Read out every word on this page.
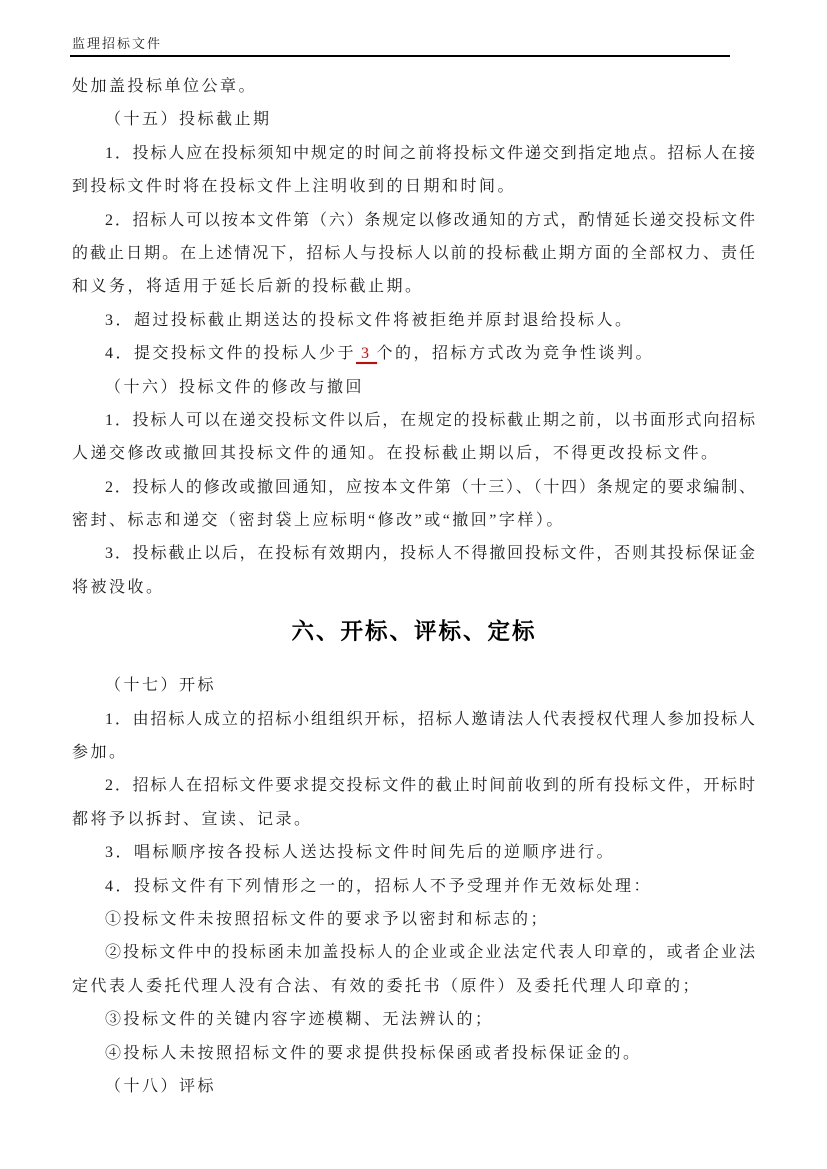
监理招标文件
处加盖投标单位公章。
（十五）投标截止期
1．投标人应在投标须知中规定的时间之前将投标文件递交到指定地点。招标人在接
到投标文件时将在投标文件上注明收到的日期和时间。
2．招标人可以按本文件第（六）条规定以修改通知的方式，酌情延长递交投标文件
的截止日期。在上述情况下，招标人与投标人以前的投标截止期方面的全部权力、责任
和义务，将适用于延长后新的投标截止期。
3．超过投标截止期送达的投标文件将被拒绝并原封退给投标人。
4．提交投标文件的投标人少于 3 个的，招标方式改为竞争性谈判。
（十六）投标文件的修改与撤回
1．投标人可以在递交投标文件以后，在规定的投标截止期之前，以书面形式向招标
人递交修改或撤回其投标文件的通知。在投标截止期以后，不得更改投标文件。
2．投标人的修改或撤回通知，应按本文件第（十三）、（十四）条规定的要求编制、
密封、标志和递交（密封袋上应标明“修改”或“撤回”字样）。
3．投标截止以后，在投标有效期内，投标人不得撤回投标文件，否则其投标保证金
将被没收。
六、开标、评标、定标
（十七）开标
1．由招标人成立的招标小组组织开标，招标人邀请法人代表授权代理人参加投标人
参加。
2．招标人在招标文件要求提交投标文件的截止时间前收到的所有投标文件，开标时
都将予以拆封、宣读、记录。
3．唱标顺序按各投标人送达投标文件时间先后的逆顺序进行。
4．投标文件有下列情形之一的，招标人不予受理并作无效标处理：
①投标文件未按照招标文件的要求予以密封和标志的；
②投标文件中的投标函未加盖投标人的企业或企业法定代表人印章的，或者企业法
定代表人委托代理人没有合法、有效的委托书（原件）及委托代理人印章的；
③投标文件的关键内容字迹模糊、无法辨认的；
④投标人未按照招标文件的要求提供投标保函或者投标保证金的。
（十八）评标
